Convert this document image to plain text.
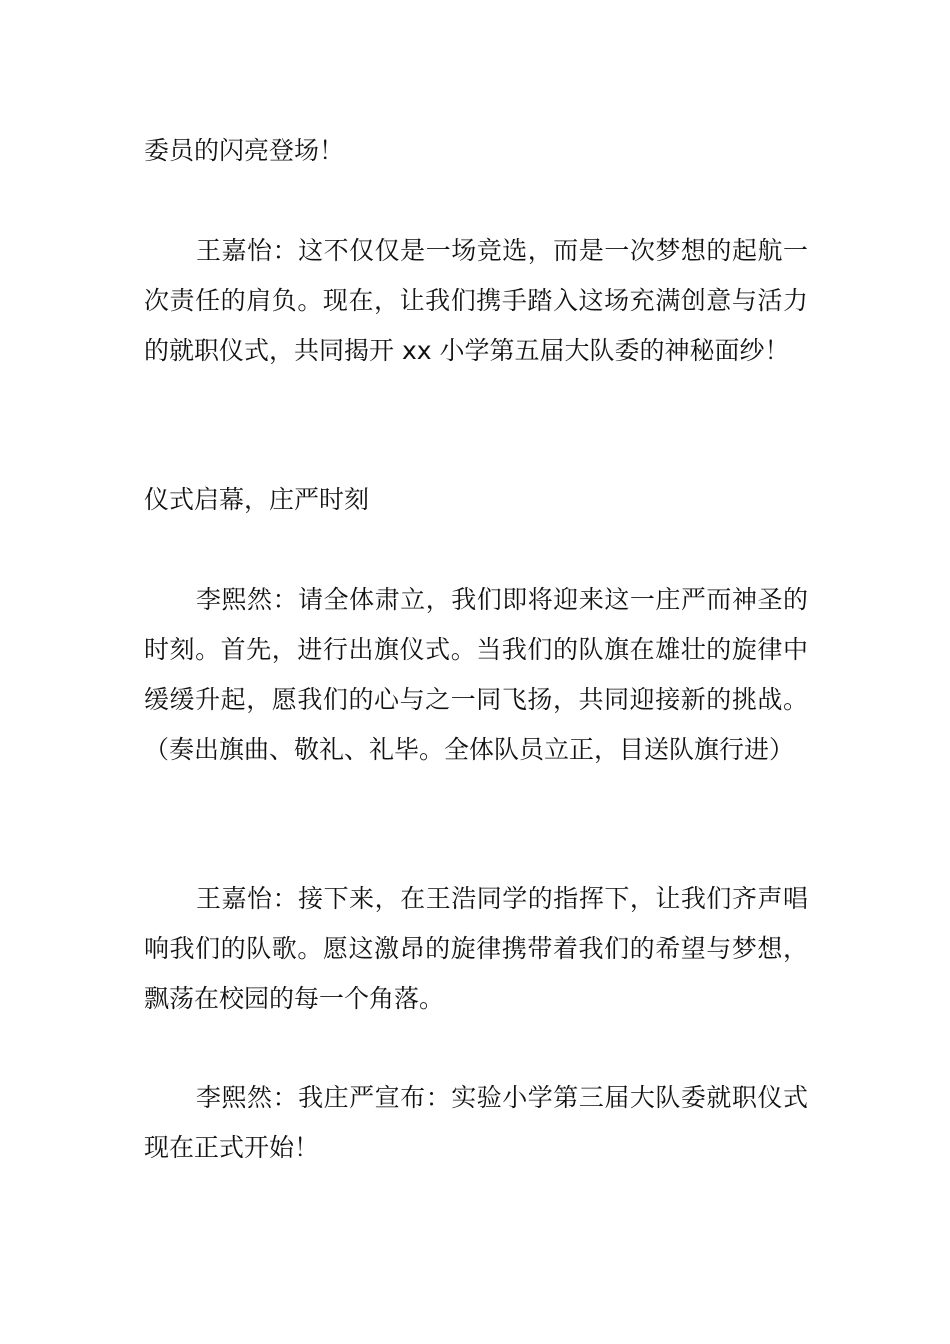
委员的闪亮登场！

王嘉怡：这不仅仅是一场竞选，而是一次梦想的起航一次责任的肩负。现在，让我们携手踏入这场充满创意与活力的就职仪式，共同揭开 xx 小学第五届大队委的神秘面纱！

仪式启幕，庄严时刻

李熙然：请全体肃立，我们即将迎来这一庄严而神圣的时刻。首先，进行出旗仪式。当我们的队旗在雄壮的旋律中缓缓升起，愿我们的心与之一同飞扬，共同迎接新的挑战。（奏出旗曲、敬礼、礼毕。全体队员立正，目送队旗行进）

王嘉怡：接下来，在王浩同学的指挥下，让我们齐声唱响我们的队歌。愿这激昂的旋律携带着我们的希望与梦想，飘荡在校园的每一个角落。

李熙然：我庄严宣布：实验小学第三届大队委就职仪式现在正式开始！
